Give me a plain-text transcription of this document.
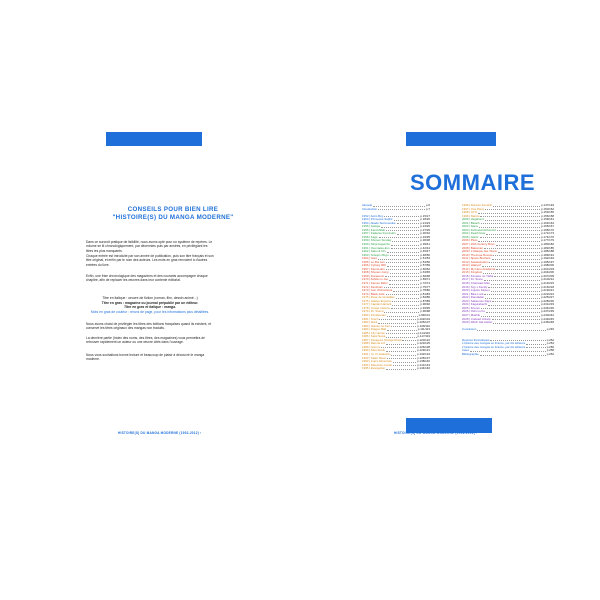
CONSEILS POUR BIEN LIRE
"HISTOIRE(S) DU MANGA MODERNE"
Dans ce surcroit pratique de lisibilité, nous avons opté pour un système de repères. Le volume se lit chronologiquement, par décennies puis par années, en privilégiant les titres les plus marquants.
Chaque entrée est introduite par son année de publication, puis son titre français et son titre original, et enfin par le nom des auteurs. Les mots en gras renvoient à d'autres entrées du livre.
Enfin, une frise chronologique des magazines et des courants accompagne chaque chapitre, afin de replacer les œuvres dans leur contexte éditorial.
Titre en italique : oeuvre de fiction (roman, film, dessin animé...)
Titre en gras : magazine ou journal prépublié par un éditeur.
Titre en gras et italique : manga.
Mots en gras de couleur : renvoi de page, pour les informations plus détaillées.
Nous avons choisi de privilégier les titres des éditions françaises quand ils existent, et conservé les titres originaux des mangas non traduits.
La dernière partie (Index des noms, des titres, des magazines) vous permettra de retrouver rapidement un auteur ou une œuvre cités dans l'ouvrage.
Nous vous souhaitons bonne lecture et beaucoup de plaisir à découvrir le manga moderne.
HISTOIRE(S) DU MANGA MODERNE (1952-2012) ›	HISTOIRE(S) DU MANGA MODERNE (1952-2012) ›
SOMMAIRE
Akuseki	p.6
Introduction	p.7
1952 | Astro Boy	p.15/17
1953 | Princesse Saphir	p.18/20
1954 | Akado Suzunosuke	p.21/23
1955 | Gekiga	p.24/26
1956 | Kamishibai	p.27/29
1957 | Kaiketsu Kurozukin	p.30/32
1958 | Kage	p.33/35
1959 | Shonen Sunday	p.36/38
1960 | Ninja bugeicho	p.39/41
1961 | Osomatsu-kun	p.42/44
1962 | Sabu & Ichi	p.45/47
1963 | Tetsujin 28-go	p.48/50
1964 | Garo	p.51/53
1965 | Le Roi Léo	p.54/56
1966 | Cyborg 009	p.57/59
1967 | Kamui-den	p.60/62
1968 | Shonen Jump	p.63/65
1969 | Doraemon	p.66/68
1970 | Ashita no Joe	p.69/71
1971 | Kamen Rider	p.72/74
1972 | Devilman	p.75/77
1973 | Gen d'Hiroshima	p.78/80
1974 | Black Jack	p.81/83
1975 | Rose de Versailles	p.84/86
1976 | Galaxy Express	p.87/89
1977 | Captain Harlock	p.90/92
1978 | Urusei Yatsura	p.93/95
1979 | Dr. Slump	p.96/98
1980 | Kinnikuman	p.99/101
1981 | Touch	p.102/104
1982 | Akira	p.105/107
1983 | Hokuto no Ken	p.108/110
1984 | Dragon Ball	p.111/113
1985 | City Hunter	p.114/116
1986 | Saint Seiya	p.117/119
1987 | Kimagure Orange Road	p.120/122
1988 | Ranma 1/2	p.123/125
1989 | Gunnm	p.126/128
1990 | Slam Dunk	p.129/131
1991 | Yu Yu Hakusho	p.132/134
1992 | Sailor Moon	p.135/137
1993 | Jojo's Adventure	p.138/140
1994 | Détective Conan	p.141/143
1995 | Evangelion	p.144/146
1996 | Rurouni Kenshin	p.147/149
1997 | One Piece	p.150/152
1998 | GTO	p.153/155
1999 | Naruto	p.156/158
2000 | Vagabond	p.159/161
2001 | Bleach	p.162/164
2002 | Nana	p.165/167
2003 | Fullmetal Alchemist	p.168/170
2004 | Death Note	p.171/173
2005 | Gantz	p.174/176
2006 | Pluto	p.177/179
2007 | 20th Century Boys	p.180/182
2008 | Bakuman	p.183/185
2009 | L'Attaque des Titans	p.186/188
2010 | Thermae Romae	p.189/191
2011 | Space Brothers	p.192/194
2012 | Assassination	p.195/197
2013 | Haikyu!!	p.198/200
2014 | My Hero Academia	p.201/203
2015 | Kingdom	p.204/206
2016 | Kimetsu no Yaiba	p.207/209
2017 | Dr. Stone	p.210/212
2018 | Chainsaw Man	p.213/215
2019 | Spy x Family	p.216/218
2020 | Jujutsu Kaisen	p.219/221
2021 | Blue Lock	p.222/224
2022 | Dandadan	p.225/227
2023 | Sakamoto Days	p.228/230
2024 | Kagurabachi	p.231/233
2025 | Frieren	p.234/236
2026 | Oshi no Ko	p.237/239
2027 | Mashle	p.240/242
2028 | Undead Unluck	p.243/245
2029 | Witch Hat Atelier	p.246/248
Conclusion	p.249
Repères thématiques	p.252
L'histoire des mangas en France, par dix éditeurs	p.254
L'histoire des mangas en France, par dix éditeurs	p.256
Index	p.258
Bibliographie	p.262
